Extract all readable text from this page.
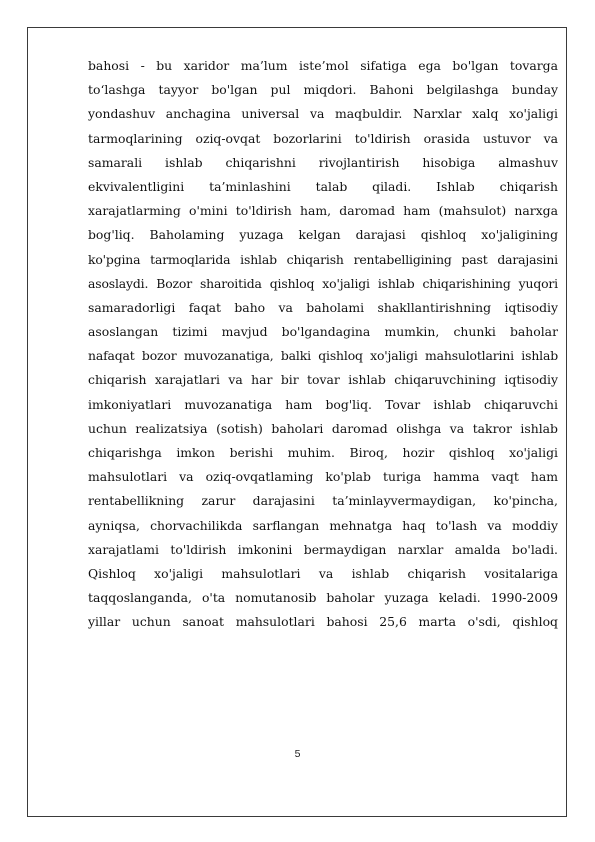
bahosi - bu xaridor ma’lum iste’mol sifatiga ega bo'lgan tovarga
to‘lashga tayyor bo'lgan pul miqdori. Bahoni belgilashga bunday
yondashuv anchagina universal va maqbuldir. Narxlar xalq xo'jaligi
tarmoqlarining oziq-ovqat bozorlarini to'ldirish orasida ustuvor va
samarali ishlab chiqarishni rivojlantirish hisobiga almashuv
ekvivalentligini ta’minlashini talab qiladi. Ishlab chiqarish
xarajatlarming o'mini to'ldirish ham, daromad ham (mahsulot) narxga
bog'liq. Baholaming yuzaga kelgan darajasi qishloq xo'jaligining
ko'pgina tarmoqlarida ishlab chiqarish rentabelligining past darajasini
asoslaydi. Bozor sharoitida qishloq xo'jaligi ishlab chiqarishining yuqori
samaradorligi faqat baho va baholami shakllantirishning iqtisodiy
asoslangan tizimi mavjud bo'lgandagina mumkin, chunki baholar
nafaqat bozor muvozanatiga, balki qishloq xo'jaligi mahsulotlarini ishlab
chiqarish xarajatlari va har bir tovar ishlab chiqaruvchining iqtisodiy
imkoniyatlari muvozanatiga ham bog'liq. Tovar ishlab chiqaruvchi
uchun realizatsiya (sotish) baholari daromad olishga va takror ishlab
chiqarishga imkon berishi muhim. Biroq, hozir qishloq xo'jaligi
mahsulotlari va oziq-ovqatlaming ko'plab turiga hamma vaqt ham
rentabellikning zarur darajasini ta’minlayvermaydigan, ko'pincha,
ayniqsa, chorvachilikda sarflangan mehnatga haq to'lash va moddiy
xarajatlami to'ldirish imkonini bermaydigan narxlar amalda bo'ladi.
Qishloq xo'jaligi mahsulotlari va ishlab chiqarish vositalariga
taqqoslanganda, o'ta nomutanosib baholar yuzaga keladi. 1990-2009
yillar uchun sanoat mahsulotlari bahosi 25,6 marta o'sdi, qishloq
5
